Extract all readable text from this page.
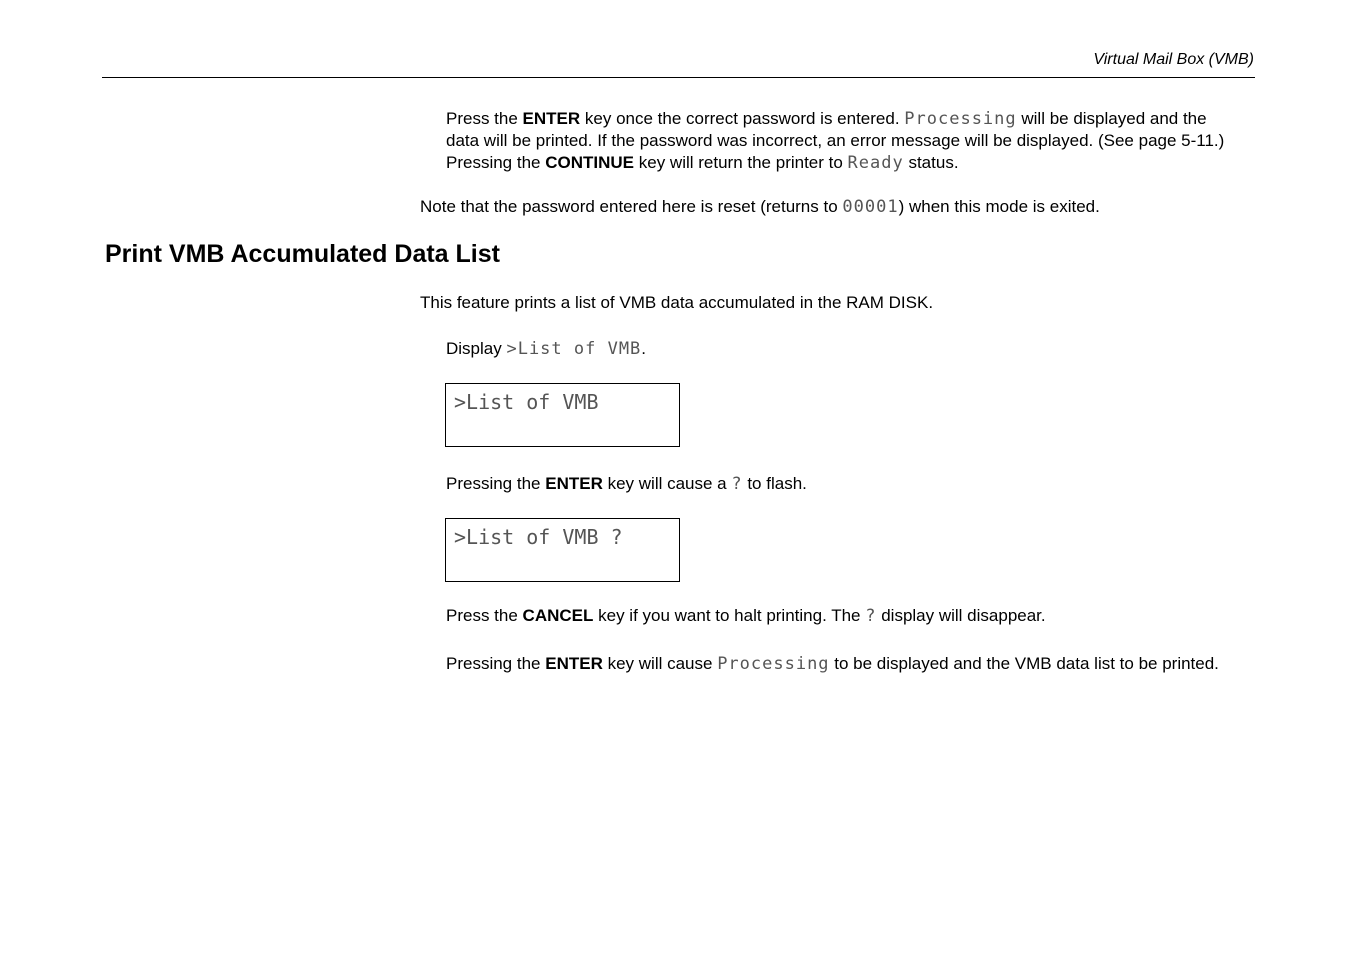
Virtual Mail Box (VMB)

Press the ENTER key once the correct password is entered. Processing will be displayed and the data will be printed. If the password was incorrect, an error message will be displayed. (See page 5-11.) Pressing the CONTINUE key will return the printer to Ready status.

Note that the password entered here is reset (returns to 00001) when this mode is exited.

Print VMB Accumulated Data List

This feature prints a list of VMB data accumulated in the RAM DISK.

Display >List of VMB.

>List of VMB

Pressing the ENTER key will cause a ? to flash.

>List of VMB ?

Press the CANCEL key if you want to halt printing. The ? display will disappear.

Pressing the ENTER key will cause Processing to be displayed and the VMB data list to be printed.
